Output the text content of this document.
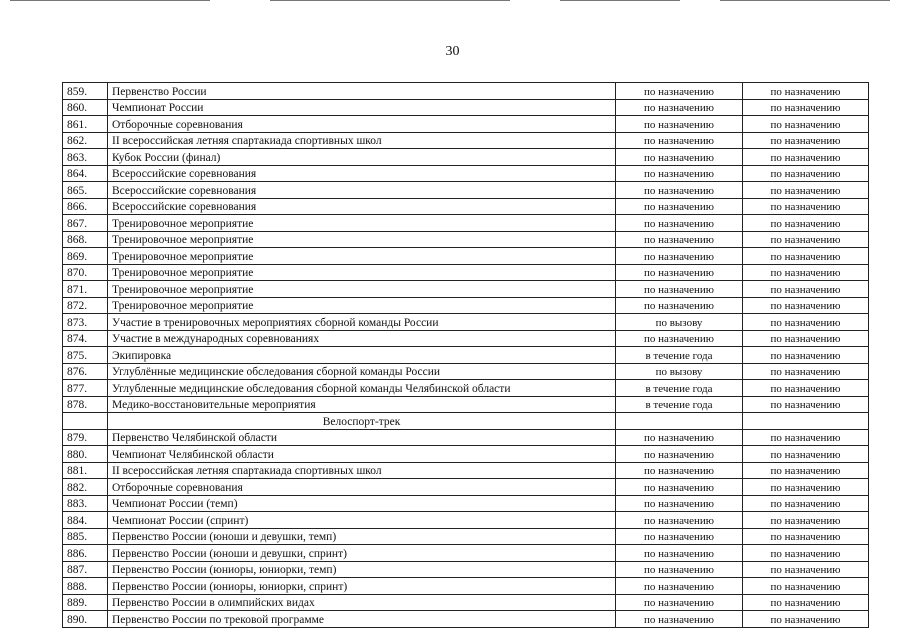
30
859.	Первенство России	по назначению	по назначению
860.	Чемпионат России	по назначению	по назначению
861.	Отборочные соревнования	по назначению	по назначению
862.	II всероссийская летняя спартакиада спортивных школ	по назначению	по назначению
863.	Кубок России (финал)	по назначению	по назначению
864.	Всероссийские соревнования	по назначению	по назначению
865.	Всероссийские соревнования	по назначению	по назначению
866.	Всероссийские соревнования	по назначению	по назначению
867.	Тренировочное мероприятие	по назначению	по назначению
868.	Тренировочное мероприятие	по назначению	по назначению
869.	Тренировочное мероприятие	по назначению	по назначению
870.	Тренировочное мероприятие	по назначению	по назначению
871.	Тренировочное мероприятие	по назначению	по назначению
872.	Тренировочное мероприятие	по назначению	по назначению
873.	Участие в тренировочных мероприятиях сборной команды России	по вызову	по назначению
874.	Участие в международных соревнованиях	по назначению	по назначению
875.	Экипировка	в течение года	по назначению
876.	Углублённые медицинские обследования сборной команды России	по вызову	по назначению
877.	Углубленные медицинские обследования сборной команды Челябинской области	в течение года	по назначению
878.	Медико-восстановительные мероприятия	в течение года	по назначению
	Велоспорт-трек		
879.	Первенство Челябинской области	по назначению	по назначению
880.	Чемпионат Челябинской области	по назначению	по назначению
881.	II всероссийская летняя спартакиада спортивных школ	по назначению	по назначению
882.	Отборочные соревнования	по назначению	по назначению
883.	Чемпионат России (темп)	по назначению	по назначению
884.	Чемпионат России (спринт)	по назначению	по назначению
885.	Первенство России (юноши и девушки, темп)	по назначению	по назначению
886.	Первенство России (юноши и девушки, спринт)	по назначению	по назначению
887.	Первенство России (юниоры, юниорки, темп)	по назначению	по назначению
888.	Первенство России (юниоры, юниорки, спринт)	по назначению	по назначению
889.	Первенство России в олимпийских видах	по назначению	по назначению
890.	Первенство России по трековой программе	по назначению	по назначению
